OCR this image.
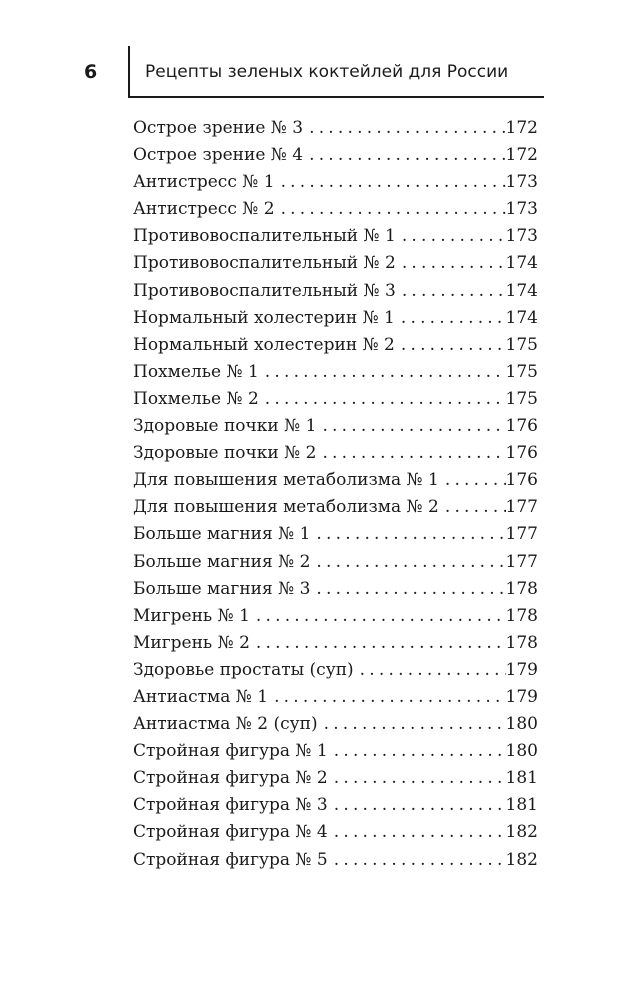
6	Рецепты зеленых коктейлей для России
Острое зрение № 3 .....	172
Острое зрение № 4 .....	172
Антистресс № 1 .....	173
Антистресс № 2 .....	173
Противовоспалительный № 1 .....	173
Противовоспалительный № 2 .....	174
Противовоспалительный № 3 .....	174
Нормальный холестерин № 1 .....	174
Нормальный холестерин № 2 .....	175
Похмелье № 1 .....	175
Похмелье № 2 .....	175
Здоровые почки № 1 .....	176
Здоровые почки № 2 .....	176
Для повышения метаболизма № 1 .....	176
Для повышения метаболизма № 2 .....	177
Больше магния № 1 .....	177
Больше магния № 2 .....	177
Больше магния № 3 .....	178
Мигрень № 1 .....	178
Мигрень № 2 .....	178
Здоровье простаты (суп) .....	179
Антиастма № 1 .....	179
Антиастма № 2 (суп) .....	180
Стройная фигура № 1 .....	180
Стройная фигура № 2 .....	181
Стройная фигура № 3 .....	181
Стройная фигура № 4 .....	182
Стройная фигура № 5 .....	182
